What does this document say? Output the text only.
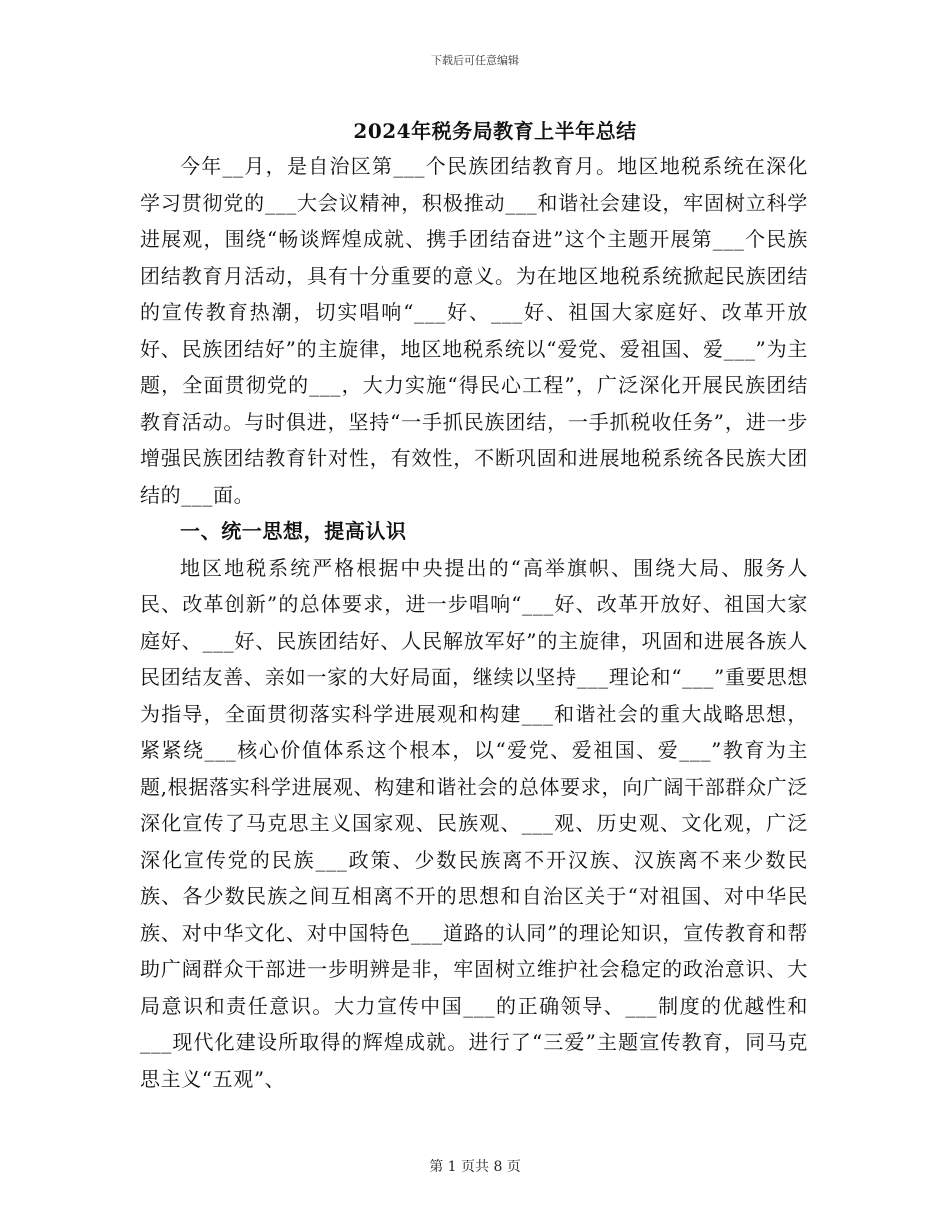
下载后可任意编辑
2024年税务局教育上半年总结

今年__月，是自治区第___个民族团结教育月。地区地税系统在深化学习贯彻党的___大会议精神，积极推动___和谐社会建设，牢固树立科学进展观，围绕“畅谈辉煌成就、携手团结奋进”这个主题开展第___个民族团结教育月活动，具有十分重要的意义。为在地区地税系统掀起民族团结的宣传教育热潮，切实唱响“___好、___好、祖国大家庭好、改革开放好、民族团结好”的主旋律，地区地税系统以“爱党、爱祖国、爱___”为主题，全面贯彻党的___，大力实施“得民心工程”，广泛深化开展民族团结教育活动。与时俱进，坚持“一手抓民族团结，一手抓税收任务”，进一步增强民族团结教育针对性，有效性，不断巩固和进展地税系统各民族大团结的___面。

一、统一思想，提高认识

地区地税系统严格根据中央提出的“高举旗帜、围绕大局、服务人民、改革创新”的总体要求，进一步唱响“___好、改革开放好、祖国大家庭好、___好、民族团结好、人民解放军好”的主旋律，巩固和进展各族人民团结友善、亲如一家的大好局面，继续以坚持___理论和“___”重要思想为指导，全面贯彻落实科学进展观和构建___和谐社会的重大战略思想，紧紧绕___核心价值体系这个根本，以“爱党、爱祖国、爱___”教育为主题,根据落实科学进展观、构建和谐社会的总体要求，向广阔干部群众广泛深化宣传了马克思主义国家观、民族观、___观、历史观、文化观，广泛深化宣传党的民族___政策、少数民族离不开汉族、汉族离不来少数民族、各少数民族之间互相离不开的思想和自治区关于“对祖国、对中华民族、对中华文化、对中国特色___道路的认同”的理论知识，宣传教育和帮助广阔群众干部进一步明辨是非，牢固树立维护社会稳定的政治意识、大局意识和责任意识。大力宣传中国___的正确领导、___制度的优越性和___现代化建设所取得的辉煌成就。进行了“三爱”主题宣传教育，同马克思主义“五观”、

第 1 页共 8 页
